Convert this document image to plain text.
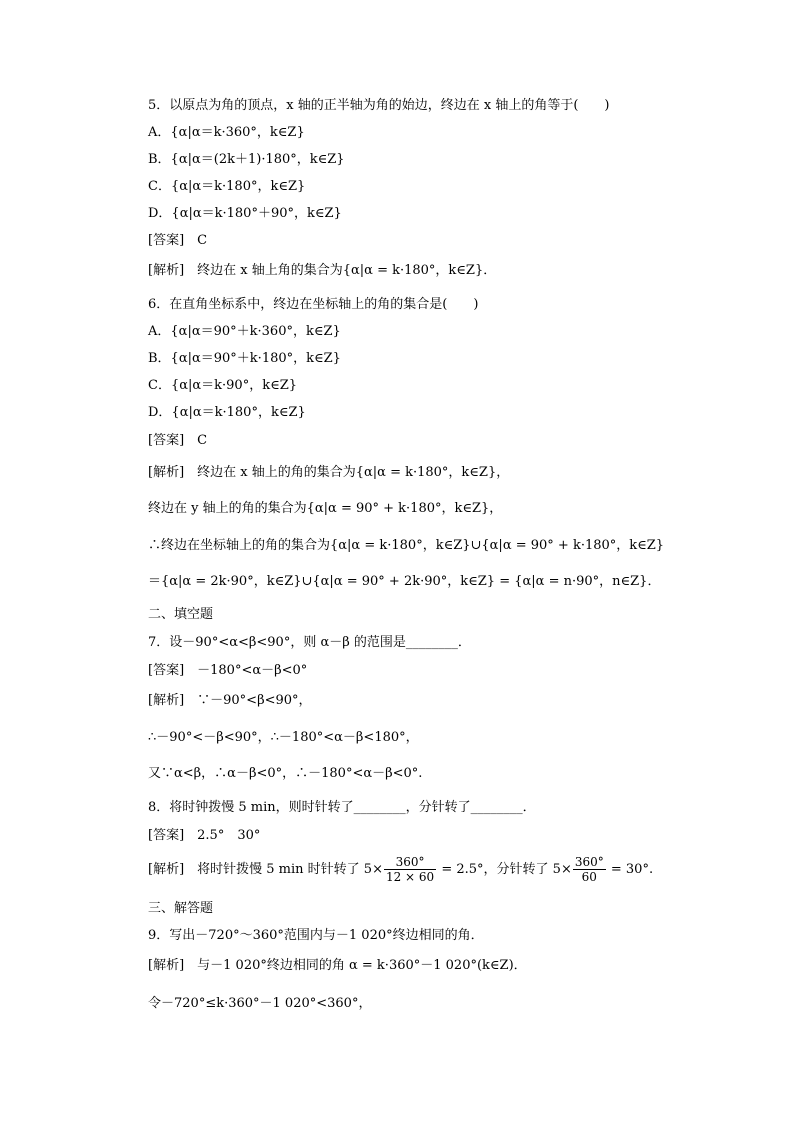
5．以原点为角的顶点，x 轴的正半轴为角的始边，终边在 x 轴上的角等于(　　)
A．{α|α＝k·360°，k∈Z}
B．{α|α＝(2k＋1)·180°，k∈Z}
C．{α|α＝k·180°，k∈Z}
D．{α|α＝k·180°＋90°，k∈Z}
[答案]　C
[解析]　终边在 x 轴上角的集合为{α|α = k·180°，k∈Z}．
6．在直角坐标系中，终边在坐标轴上的角的集合是(　　)
A．{α|α＝90°＋k·360°，k∈Z}
B．{α|α＝90°＋k·180°，k∈Z}
C．{α|α＝k·90°，k∈Z}
D．{α|α＝k·180°，k∈Z}
[答案]　C
[解析]　终边在 x 轴上的角的集合为{α|α = k·180°，k∈Z}，
终边在 y 轴上的角的集合为{α|α = 90° + k·180°，k∈Z}，
∴终边在坐标轴上的角的集合为{α|α = k·180°，k∈Z}∪{α|α = 90° + k·180°，k∈Z}
＝{α|α = 2k·90°，k∈Z}∪{α|α = 90° + 2k·90°，k∈Z} = {α|α = n·90°，n∈Z}．
二、填空题
7．设－90°<α<β<90°，则 α－β 的范围是________．
[答案]　－180°<α－β<0°
[解析]　∵－90°<β<90°，
∴－90°<－β<90°，∴－180°<α－β<180°，
又∵α<β，∴α－β<0°，∴－180°<α－β<0°.
8．将时钟拨慢 5 min，则时针转了________，分针转了________．
[答案]　2.5°　30°
三、解答题
9．写出－720°～360°范围内与－1 020°终边相同的角．
[解析]　与－1 020°终边相同的角 α = k·360°－1 020°(k∈Z)．
令－720°≤k·360°－1 020°<360°，
[解析]　将时针拨慢 5 min 时针转了 $5\times \frac{360^\circ}{12 \times 60} = 2.5^\circ$，分针转了 $5\times \frac{360^\circ}{60} = 30^\circ$.
